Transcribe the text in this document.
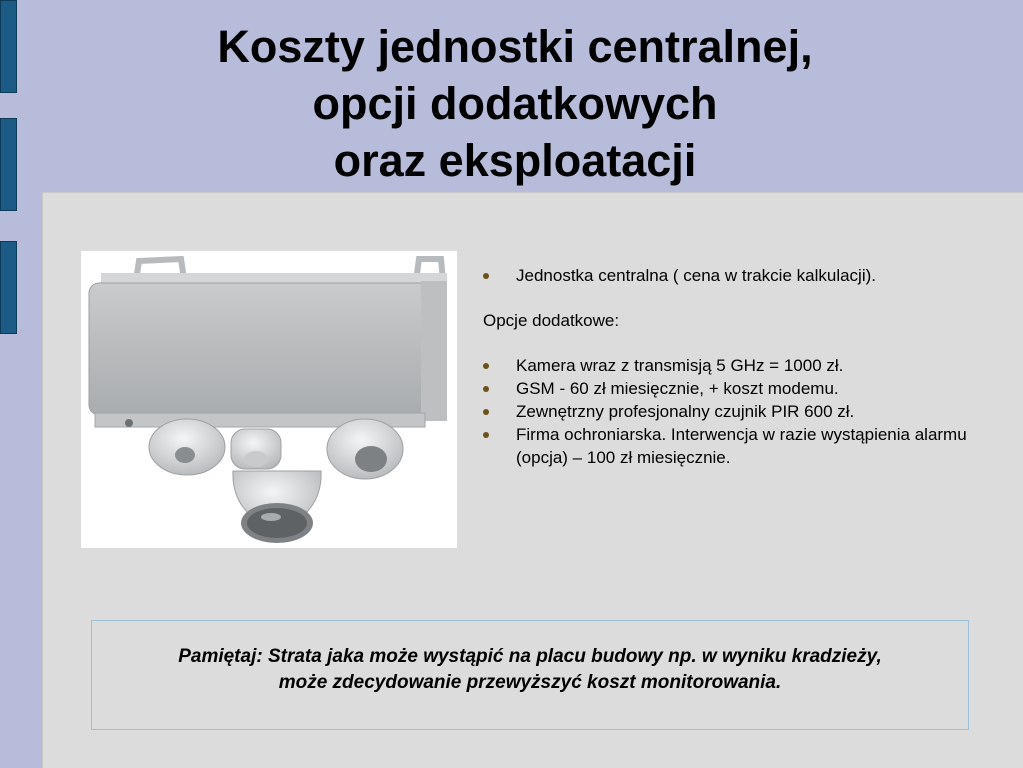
Koszty jednostki centralnej,
opcji dodatkowych
oraz eksploatacji
Jednostka centralna ( cena w trakcie kalkulacji).
Opcje dodatkowe:
Kamera wraz z transmisją 5 GHz = 1000 zł.
GSM - 60 zł miesięcznie, + koszt modemu.
Zewnętrzny profesjonalny czujnik PIR 600 zł.
Firma ochroniarska. Interwencja w razie wystąpienia alarmu (opcja) – 100 zł miesięcznie.
Pamiętaj: Strata jaka może wystąpić na placu budowy np. w wyniku kradzieży,
może zdecydowanie przewyższyć koszt monitorowania.
